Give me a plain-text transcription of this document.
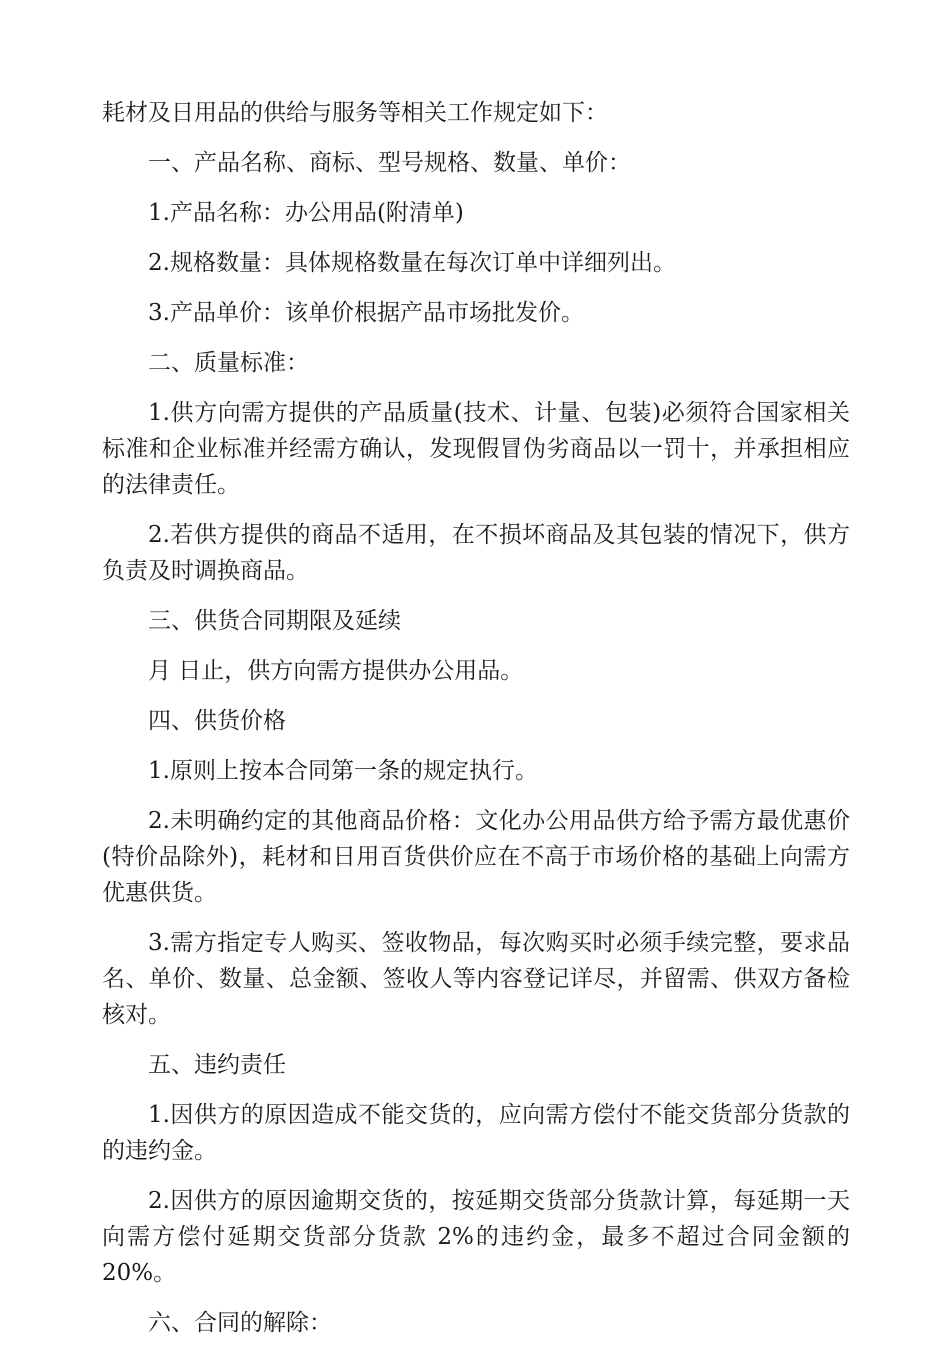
耗材及日用品的供给与服务等相关工作规定如下：

一、产品名称、商标、型号规格、数量、单价：

1.产品名称：办公用品(附清单)

2.规格数量：具体规格数量在每次订单中详细列出。

3.产品单价：该单价根据产品市场批发价。

二、质量标准：

1.供方向需方提供的产品质量(技术、计量、包装)必须符合国家相关标准和企业标准并经需方确认，发现假冒伪劣商品以一罚十，并承担相应的法律责任。

2.若供方提供的商品不适用，在不损坏商品及其包装的情况下，供方负责及时调换商品。

三、供货合同期限及延续

月 日止，供方向需方提供办公用品。

四、供货价格

1.原则上按本合同第一条的规定执行。

2.未明确约定的其他商品价格：文化办公用品供方给予需方最优惠价 (特价品除外)，耗材和日用百货供价应在不高于市场价格的基础上向需方优惠供货。

3.需方指定专人购买、签收物品，每次购买时必须手续完整，要求品名、单价、数量、总金额、签收人等内容登记详尽，并留需、供双方备检核对。

五、违约责任

1.因供方的原因造成不能交货的，应向需方偿付不能交货部分货款的的违约金。

2.因供方的原因逾期交货的，按延期交货部分货款计算，每延期一天向需方偿付延期交货部分货款 2%的违约金，最多不超过合同金额的20%。

六、合同的解除：
